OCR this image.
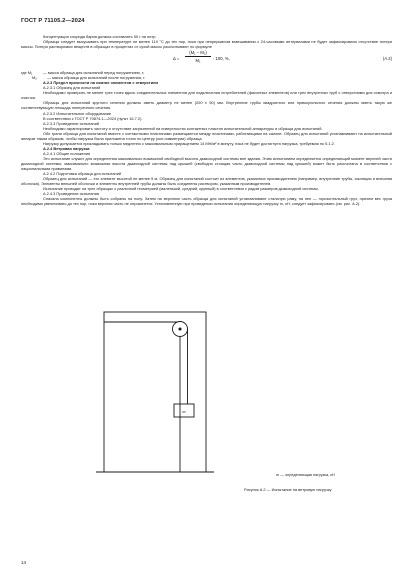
ГОСТ Р 71105.2—2024

Концентрация хлорида бария должна составлять 50 г на литр.

Образцы следует высушивать при температуре не менее 110 °С до тех пор, пока при непрерывном взвешивании с 24-часовыми интервалами не будет зафиксировано отсутствие потери массы. Потери растворимых веществ в образцах в процентах от сухой массы рассчитывают по формуле

$\Delta = \frac{\text{(M₁ – M₂)}}{\text{M₁}} \cdot 100$, %,	(А.2)

где M₁	— масса образца для испытаний перед погружением, г;

M₂	— масса образца для испытаний после погружения, г.

А.2.3 Предел прочности на сжатие элементов с отверстием

А.2.3.1 Образец для испытаний

Необходимо проверить не менее трех точек вдоль соединительных элементов для подключения потребителей (фасонных элементов) или трех внутренних труб с отверстиями для осмотра и очистки.

Образцы для испытаний круглого сечения должны иметь диаметр не менее (200 ± 50) мм. Внутренние трубы квадратного или прямоугольного сечения должны иметь такую же соответствующую площадь поперечного сечения.

А.2.3.2 Испытательное оборудование

В соответствии с ГОСТ Р 70874.1—2024 (пункт 16.7.2).

А.2.3.3 Проведение испытаний

Необходимо гарантировать чистоту и отсутствие загрязнений на поверхностях контактных пластин испытательной аппаратуры и образца для испытаний.

Обе грани образца для испытаний вместе с контактными пластинами размещаются между пластинами, работающими на сжатие. Образец для испытаний устанавливают на испытательный аппарат таким образом, чтобы нагрузка была приложена точно по центру (оси симметрии) образца.

Нагрузку допускается прикладывать только медленно с максимальным приращением 14 МН/м² в минуту, пока не будет достигнута нагрузка, требуемая по 5.1.2.

А.2.4 Ветровая нагрузка

А.2.4.1 Общие положения

Это испытание служит для определения максимально возможной свободной высоты дымоходной системы вне здания. Этим испытанием определяется определяющий момент верхней части дымоходной системы; максимально возможная высота дымоходной системы над крышей (свободно стоящая часть дымоходной системы над крышей) может быть рассчитана в соответствии с национальными правилами.

А.2.4.2 Подготовка образца для испытаний

Образец для испытаний — это элемент высотой не менее 5 м. Образец для испытаний состоит из элементов, указанных производителем (например, внутренние трубы, изоляция и внешняя оболочка). Элементы внешней оболочки и элементы внутренней трубы должны быть соединены раствором, указанным производителем.

Испытание проводят на трех образцах с различной геометрией (маленький, средний, крупный) в соответствии с рядом размеров дымоходной системы.

А.2.4.3 Проведение испытания

Сначала компоненты должны быть собраны на полу. Затем на верхнюю часть образца для испытаний устанавливают стальную раму, на нее — горизонтальный груз, причем вес груза необходимо увеличивать до тех пор, пока верхняя часть не опрокинется. Установленную при проведении испытания определяющую нагрузку m, кН, следует зафиксировать (см. рис. А.2).

m
m — определяющая нагрузка, кН
Рисунок А.2 — Испытание на ветровую нагрузку
14
